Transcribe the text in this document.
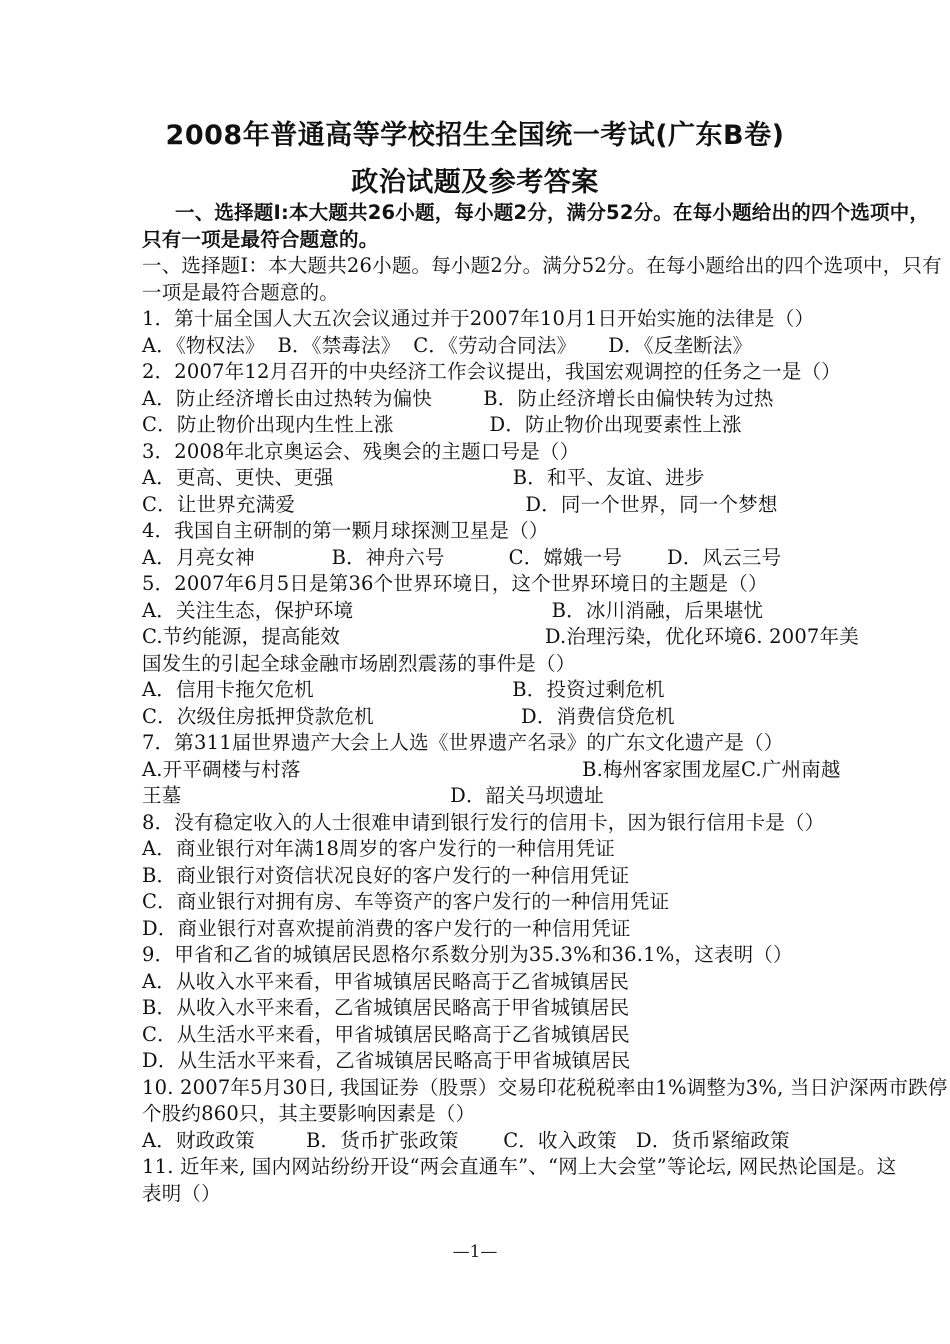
2008年普通高等学校招生全国统一考试(广东B卷)
政治试题及参考答案
一、选择题Ⅰ:本大题共26小题，每小题2分，满分52分。在每小题给出的四个选项中，
只有一项是最符合题意的。
一、选择题I：本大题共26小题。每小题2分。满分52分。在每小题给出的四个选项中，只有
一项是最符合题意的。
1．第十届全国人大五次会议通过并于2007年10月1日开始实施的法律是（）
A．《物权法》  B．《禁毒法》  C．《劳动合同法》     D．《反垄断法》
2．2007年12月召开的中央经济工作会议提出，我国宏观调控的任务之一是（）
A．防止经济增长由过热转为偏快        B．防止经济增长由偏快转为过热
C．防止物价出现内生性上涨               D．防止物价出现要素性上涨
3．2008年北京奥运会、残奥会的主题口号是（）
A．更高、更快、更强                            B．和平、友谊、进步
C．让世界充满爱                                    D．同一个世界，同一个梦想
4．我国自主研制的第一颗月球探测卫星是（）
A．月亮女神            B．神舟六号          C．嫦娥一号       D．风云三号
5．2007年6月5日是第36个世界环境日，这个世界环境日的主题是（）
A．关注生态，保护环境                               B．冰川消融，后果堪忧
C.节约能源，提高能效                                D.治理污染，优化环境6. 2007年美
国发生的引起全球金融市场剧烈震荡的事件是（）
A．信用卡拖欠危机                               B．投资过剩危机
C．次级住房抵押贷款危机                       D．消费信贷危机
7．第311届世界遗产大会上人选《世界遗产名录》的广东文化遗产是（）
A.开平碉楼与村落                                            B.梅州客家围龙屋C.广州南越
王墓                                          D．韶关马坝遗址
8．没有稳定收入的人士很难申请到银行发行的信用卡，因为银行信用卡是（）
A．商业银行对年满18周岁的客户发行的一种信用凭证
B．商业银行对资信状况良好的客户发行的一种信用凭证
C．商业银行对拥有房、车等资产的客户发行的一种信用凭证
D．商业银行对喜欢提前消费的客户发行的一种信用凭证
9．甲省和乙省的城镇居民恩格尔系数分别为35.3%和36.1%，这表明（）
A．从收入水平来看，甲省城镇居民略高于乙省城镇居民
B．从收入水平来看，乙省城镇居民略高于甲省城镇居民
C．从生活水平来看，甲省城镇居民略高于乙省城镇居民
D．从生活水平来看，乙省城镇居民略高于甲省城镇居民
10. 2007年5月30日, 我国证券（股票）交易印花税税率由1%调整为3%, 当日沪深两市跌停
个股约860只，其主要影响因素是（）
A．财政政策        B．货币扩张政策       C．收入政策   D．货币紧缩政策
11. 近年来, 国内网站纷纷开设“两会直通车”、“网上大会堂”等论坛, 网民热论国是。这
表明（）
—1—
